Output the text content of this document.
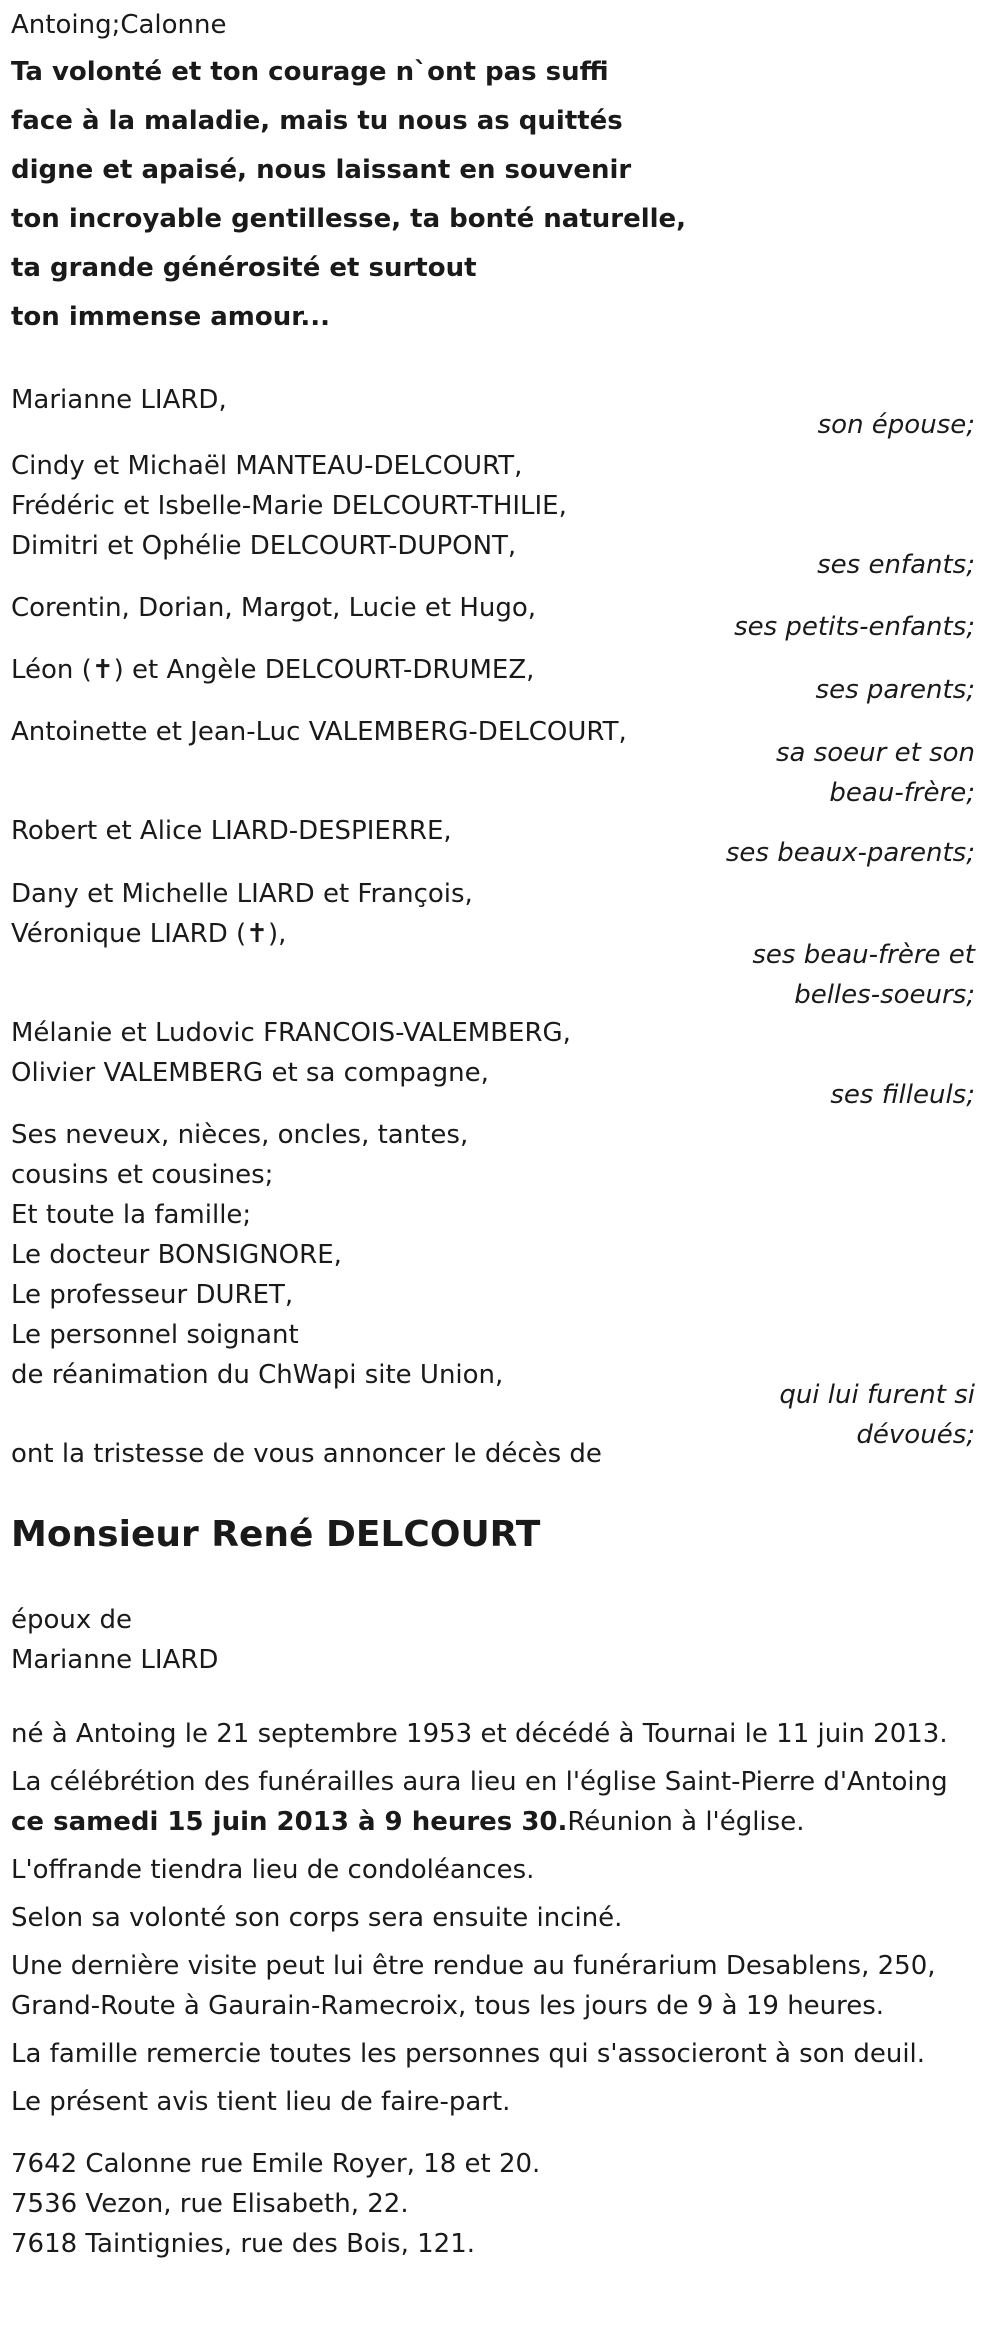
Antoing;Calonne

Ta volonté et ton courage n`ont pas suffi

face à la maladie, mais tu nous as quittés

digne et apaisé, nous laissant en souvenir

ton incroyable gentillesse, ta bonté naturelle,

ta grande générosité et surtout

ton immense amour...

Marianne LIARD,

son épouse;

Cindy et Michaël MANTEAU-DELCOURT,

Frédéric et Isbelle-Marie DELCOURT-THILIE,

Dimitri et Ophélie DELCOURT-DUPONT,

ses enfants;

Corentin, Dorian, Margot, Lucie et Hugo,

ses petits-enfants;

Léon (✝) et Angèle DELCOURT-DRUMEZ,

ses parents;

Antoinette et Jean-Luc VALEMBERG-DELCOURT,

sa soeur et son beau-frère;

Robert et Alice LIARD-DESPIERRE,

ses beaux-parents;

Dany et Michelle LIARD et François,

Véronique LIARD (✝),

ses beau-frère et belles-soeurs;

Mélanie et Ludovic FRANCOIS-VALEMBERG,

Olivier VALEMBERG et sa compagne,

ses filleuls;

Ses neveux, nièces, oncles, tantes,

cousins et cousines;

Et toute la famille;

Le docteur BONSIGNORE,

Le professeur DURET,

Le personnel soignant

de réanimation du ChWapi site Union,

qui lui furent si dévoués;

ont la tristesse de vous annoncer le décès de

Monsieur René DELCOURT

époux de

Marianne LIARD

né à Antoing le 21 septembre 1953 et décédé à Tournai le 11 juin 2013.

La célébrétion des funérailles aura lieu en l'église Saint-Pierre d'Antoing

ce samedi 15 juin 2013 à 9 heures 30.Réunion à l'église.

L'offrande tiendra lieu de condoléances.

Selon sa volonté son corps sera ensuite inciné.

Une dernière visite peut lui être rendue au funérarium Desablens, 250,

Grand-Route à Gaurain-Ramecroix, tous les jours de 9 à 19 heures.

La famille remercie toutes les personnes qui s'associeront à son deuil.

Le présent avis tient lieu de faire-part.

7642 Calonne rue Emile Royer, 18 et 20.

7536 Vezon, rue Elisabeth, 22.

7618 Taintignies, rue des Bois, 121.
